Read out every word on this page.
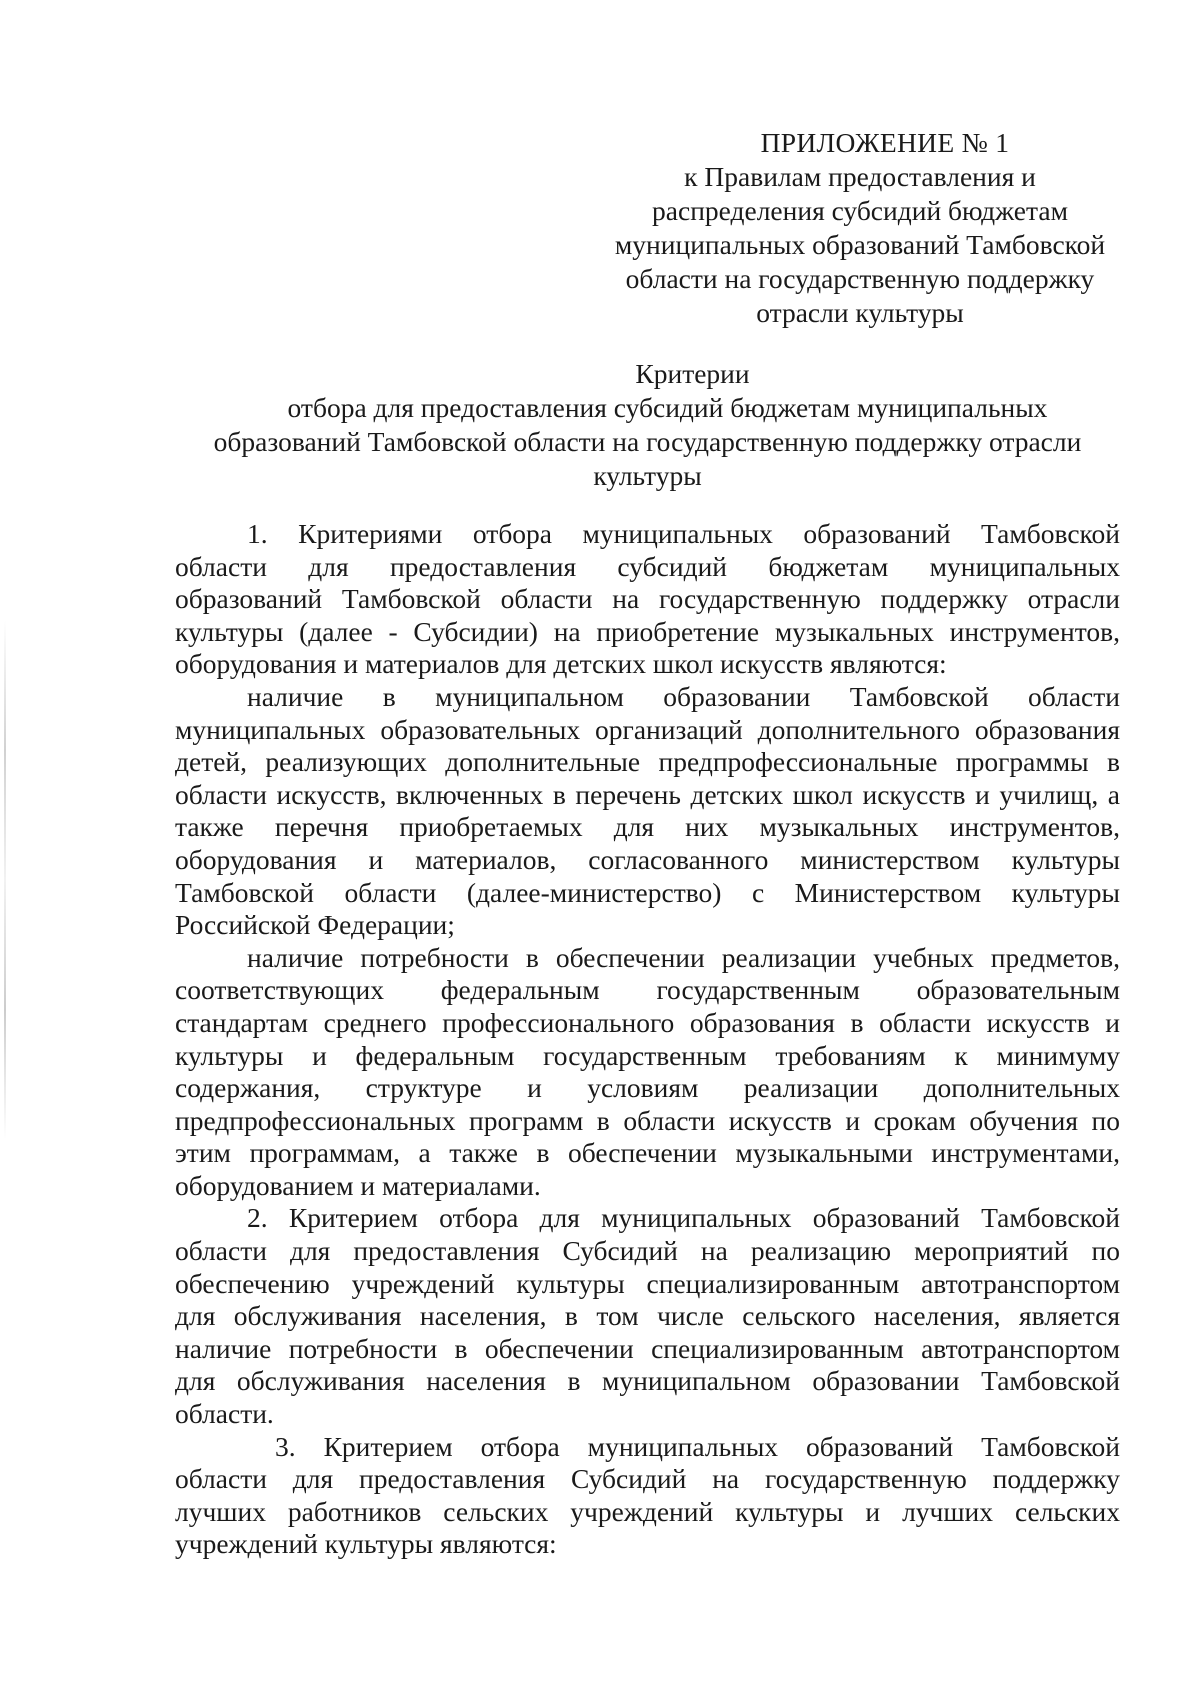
ПРИЛОЖЕНИЕ № 1
к Правилам предоставления и
распределения субсидий бюджетам
муниципальных образований Тамбовской
области на государственную поддержку
отрасли культуры
Критерии
отбора для предоставления субсидий бюджетам муниципальных
образований Тамбовской области на государственную поддержку отрасли
культуры
1. Критериями отбора муниципальных образований Тамбовской
области для предоставления субсидий бюджетам муниципальных
образований Тамбовской области на государственную поддержку отрасли
культуры (далее - Субсидии) на приобретение музыкальных инструментов,
оборудования и материалов для детских школ искусств являются:
наличие в муниципальном образовании Тамбовской области
муниципальных образовательных организаций дополнительного образования
детей, реализующих дополнительные предпрофессиональные программы в
области искусств, включенных в перечень детских школ искусств и училищ, а
также перечня приобретаемых для них музыкальных инструментов,
оборудования и материалов, согласованного министерством культуры
Тамбовской области (далее-министерство) с Министерством культуры
Российской Федерации;
наличие потребности в обеспечении реализации учебных предметов,
соответствующих федеральным государственным образовательным
стандартам среднего профессионального образования в области искусств и
культуры и федеральным государственным требованиям к минимуму
содержания, структуре и условиям реализации дополнительных
предпрофессиональных программ в области искусств и срокам обучения по
этим программам, а также в обеспечении музыкальными инструментами,
оборудованием и материалами.
2. Критерием отбора для муниципальных образований Тамбовской
области для предоставления Субсидий на реализацию мероприятий по
обеспечению учреждений культуры специализированным автотранспортом
для обслуживания населения, в том числе сельского населения, является
наличие потребности в обеспечении специализированным автотранспортом
для обслуживания населения в муниципальном образовании Тамбовской
области.
3. Критерием отбора муниципальных образований Тамбовской
области для предоставления Субсидий на государственную поддержку
лучших работников сельских учреждений культуры и лучших сельских
учреждений культуры являются:
